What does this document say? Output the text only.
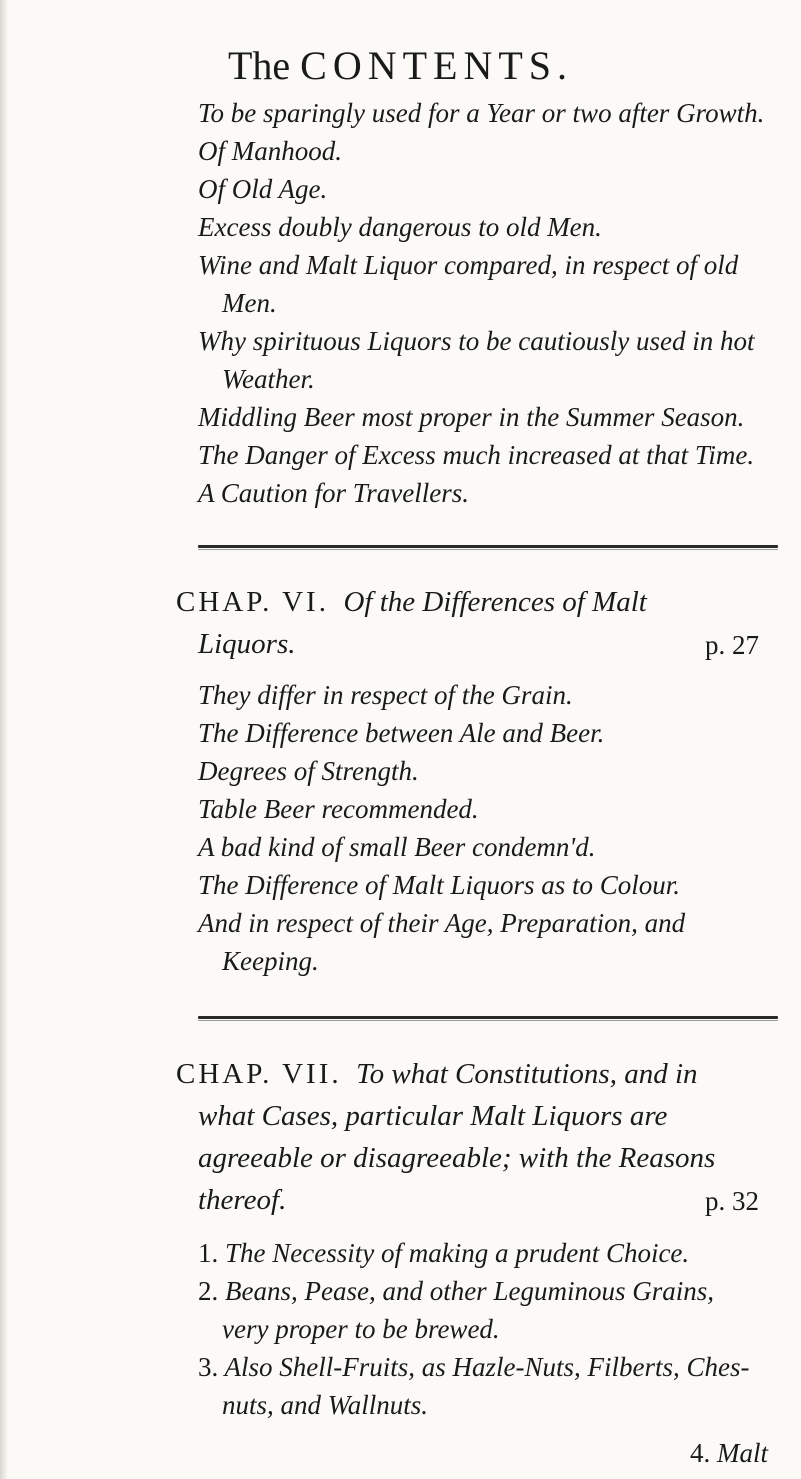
The CONTENTS.
To be sparingly used for a Year or two after Growth.
Of Manhood.
Of Old Age.
Excess doubly dangerous to old Men.
Wine and Malt Liquor compared, in respect of old
Men.
Why spirituous Liquors to be cautiously used in hot
Weather.
Middling Beer most proper in the Summer Season.
The Danger of Excess much increased at that Time.
A Caution for Travellers.
CHAP. VI. Of the Differences of Malt
Liquors.	p. 27
They differ in respect of the Grain.
The Difference between Ale and Beer.
Degrees of Strength.
Table Beer recommended.
A bad kind of small Beer condemn'd.
The Difference of Malt Liquors as to Colour.
And in respect of their Age, Preparation, and
Keeping.
CHAP. VII. To what Constitutions, and in
what Cases, particular Malt Liquors are
agreeable or disagreeable; with the Reasons
thereof.	p. 32
1. The Necessity of making a prudent Choice.
2. Beans, Pease, and other Leguminous Grains,
very proper to be brewed.
3. Also Shell-Fruits, as Hazle-Nuts, Filberts, Ches-
nuts, and Wallnuts.
4. Malt
